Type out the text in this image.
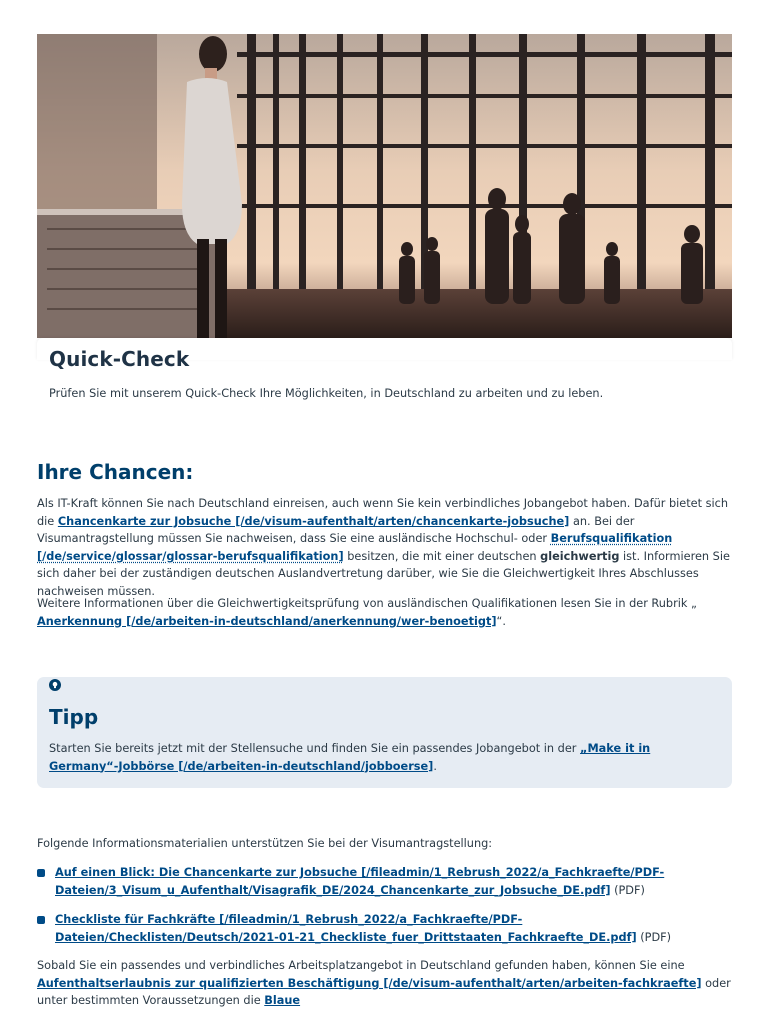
Quick-Check
Prüfen Sie mit unserem Quick-Check Ihre Möglichkeiten, in Deutschland zu arbeiten und zu leben.
Ihre Chancen:

Als IT-Kraft können Sie nach Deutschland einreisen, auch wenn Sie kein verbindliches Jobangebot haben. Dafür bietet sich die Chancenkarte zur Jobsuche [/de/visum-aufenthalt/arten/chancenkarte-jobsuche] an. Bei der Visumantragstellung müssen Sie nachweisen, dass Sie eine ausländische Hochschul- oder Berufsqualifikation [/de/service/glossar/glossar-berufsqualifikation] besitzen, die mit einer deutschen gleichwertig ist. Informieren Sie sich daher bei der zuständigen deutschen Auslandvertretung darüber, wie Sie die Gleichwertigkeit Ihres Abschlusses nachweisen müssen.

Weitere Informationen über die Gleichwertigkeitsprüfung von ausländischen Qualifikationen lesen Sie in der Rubrik „ Anerkennung [/de/arbeiten-in-deutschland/anerkennung/wer-benoetigt]“.

Tipp

Starten Sie bereits jetzt mit der Stellensuche und finden Sie ein passendes Jobangebot in der „Make it in Germany“-Jobbörse [/de/arbeiten-in-deutschland/jobboerse].

Folgende Informationsmaterialien unterstützen Sie bei der Visumantragstellung:

Auf einen Blick: Die Chancenkarte zur Jobsuche [/fileadmin/1_Rebrush_2022/a_Fachkraefte/PDF-Dateien/3_Visum_u_Aufenthalt/Visagrafik_DE/2024_Chancenkarte_zur_Jobsuche_DE.pdf] (PDF)
Checkliste für Fachkräfte [/fileadmin/1_Rebrush_2022/a_Fachkraefte/PDF-Dateien/Checklisten/Deutsch/2021-01-21_Checkliste_fuer_Drittstaaten_Fachkraefte_DE.pdf] (PDF)

Sobald Sie ein passendes und verbindliches Arbeitsplatzangebot in Deutschland gefunden haben, können Sie eine Aufenthaltserlaubnis zur qualifizierten Beschäftigung [/de/visum-aufenthalt/arten/arbeiten-fachkraefte] oder unter bestimmten Voraussetzungen die Blaue
